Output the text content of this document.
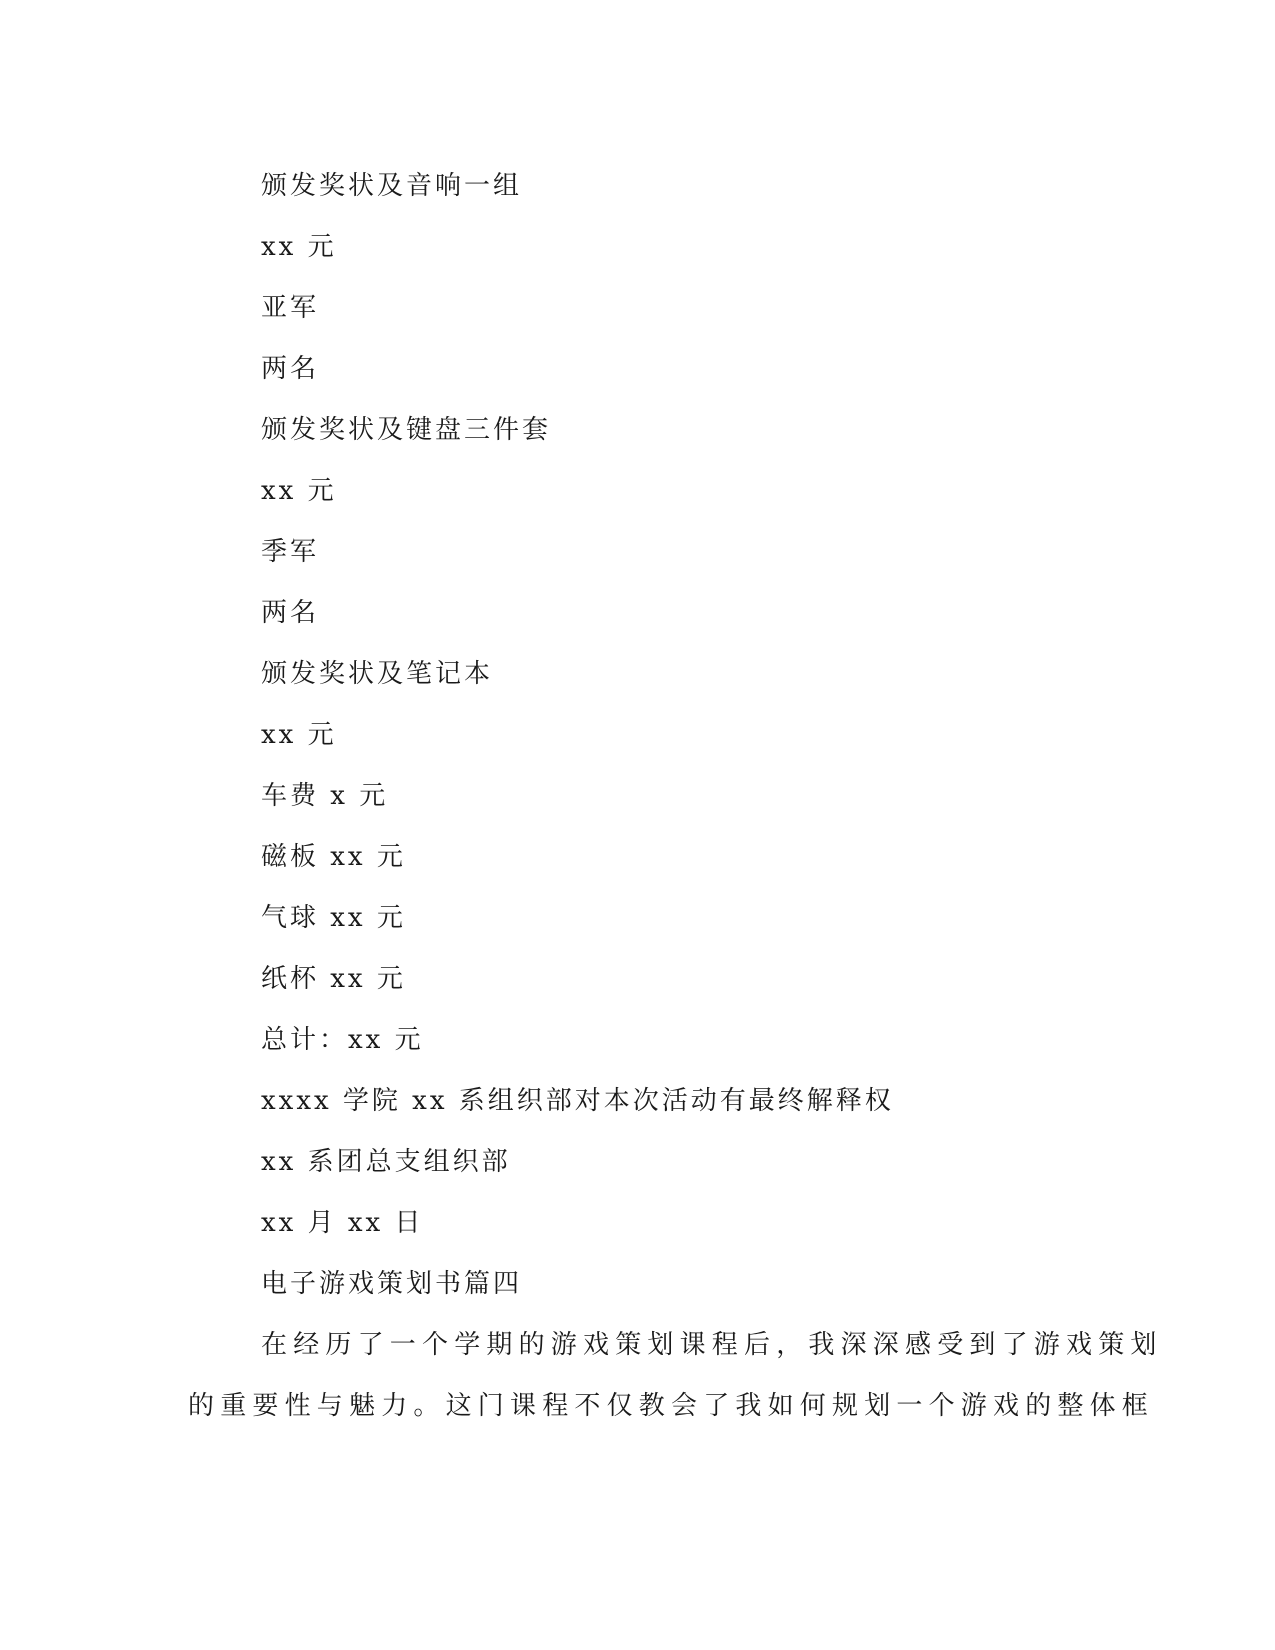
颁发奖状及音响一组
xx 元
亚军
两名
颁发奖状及键盘三件套
xx 元
季军
两名
颁发奖状及笔记本
xx 元
车费 x 元
磁板 xx 元
气球 xx 元
纸杯 xx 元
总计：xx 元
xxxx 学院 xx 系组织部对本次活动有最终解释权
xx 系团总支组织部
xx 月 xx 日
电子游戏策划书篇四
在经历了一个学期的游戏策划课程后，我深深感受到了游戏策划
的重要性与魅力。这门课程不仅教会了我如何规划一个游戏的整体框
